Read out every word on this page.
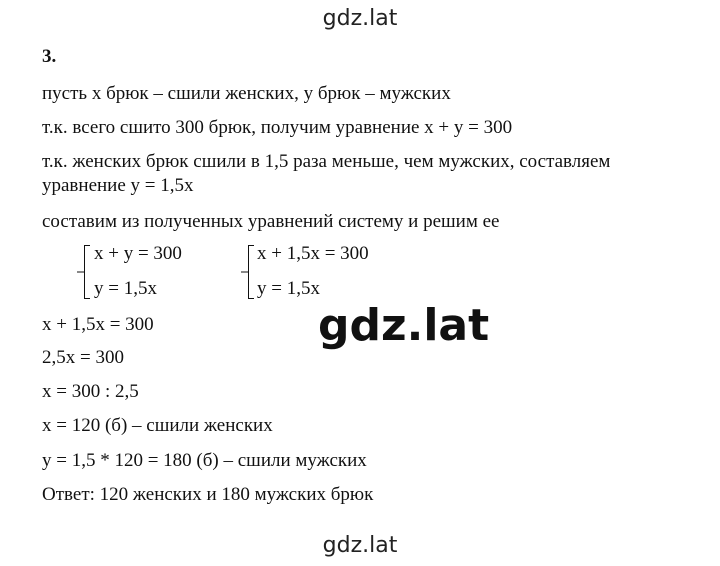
gdz.lat
3.
пусть x брюк – сшили женских, y брюк – мужских
т.к. всего сшито 300 брюк, получим уравнение x + y = 300
т.к. женских брюк сшили в 1,5 раза меньше, чем мужских, составляем
уравнение y = 1,5x
составим из полученных уравнений систему и решим ее
x + y = 300
y = 1,5x
x + 1,5x = 300
y = 1,5x
gdz.lat
x + 1,5x = 300
2,5x = 300
x = 300 : 2,5
x = 120 (б) – сшили женских
y = 1,5 * 120 = 180 (б) – сшили мужских
Ответ: 120 женских и 180 мужских брюк
gdz.lat
